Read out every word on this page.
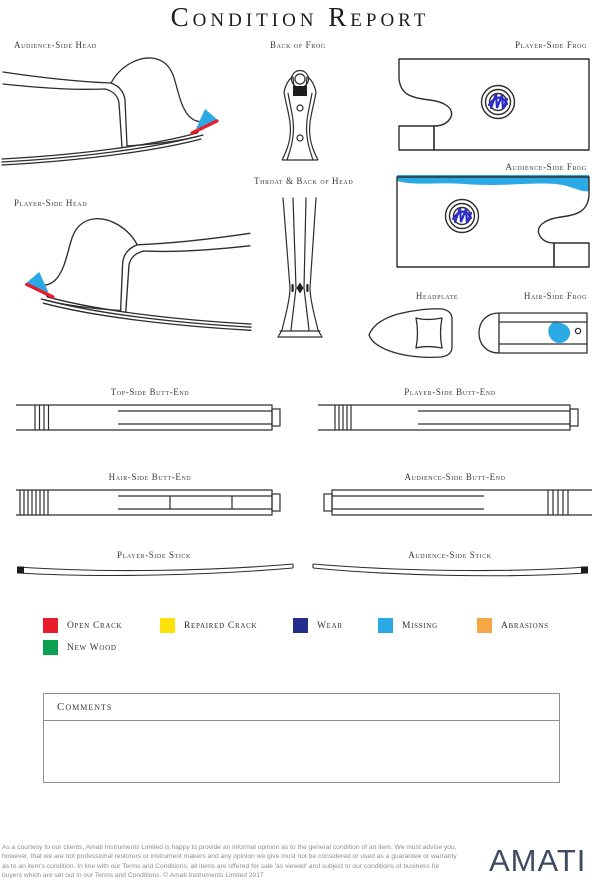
Condition Report
Audience-Side Head	Back of Frog	Player-Side Frog
Audience-Side Frog
Player-Side Head
Throat & Back of Head
Headplate	Hair-Side Frog
Top-Side Butt-End	Player-Side Butt-End
Hair-Side Butt-End	Audience-Side Butt-End
Player-Side Stick	Audience-Side Stick
Open Crack	Repaired Crack	Wear	Missing	Abrasions
New Wood
Comments
As a courtesy to our clients, Amati Instruments Limited is happy to provide an informal opinion as to the general condition of an item. We must advise you, however, that we are not professional restorers or instrument makers and any opinion we give must not be considered or used as a guarantee or warranty as to an item's condition. In line with our Terms and Conditions, all items are offered for sale 'as viewed' and subject to our conditions of business for buyers which are set out in our Terms and Conditions. © Amati Instruments Limited 2017	AMATI
